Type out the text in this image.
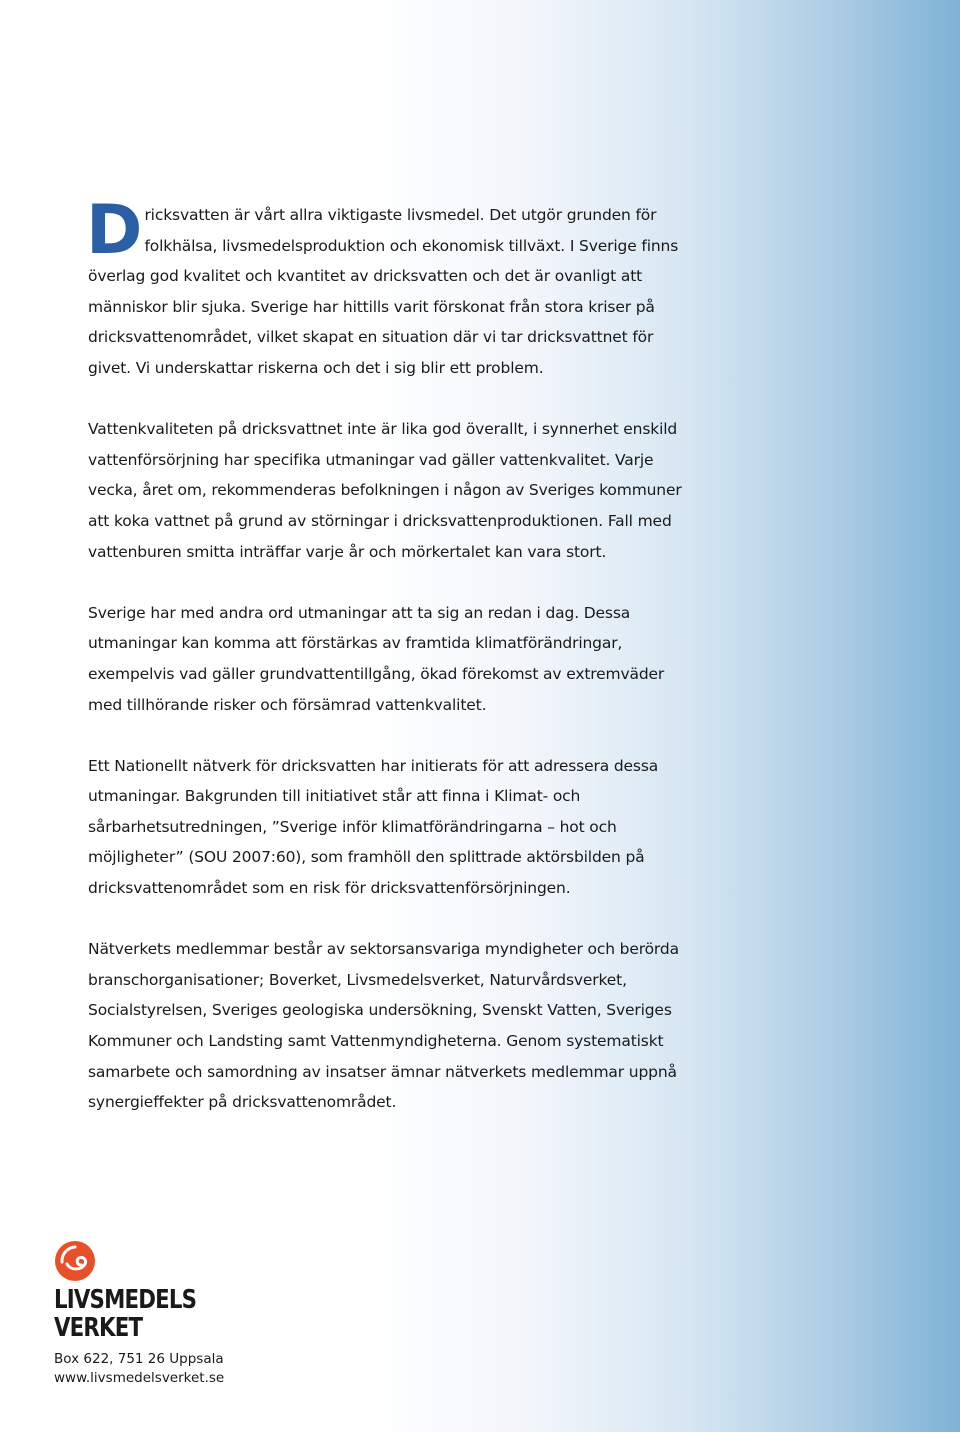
Dricksvatten är vårt allra viktigaste livsmedel. Det utgör grunden för folkhälsa, livsmedelsproduktion och ekonomisk tillväxt. I Sverige finns överlag god kvalitet och kvantitet av dricksvatten och det är ovanligt att människor blir sjuka. Sverige har hittills varit förskonat från stora kriser på dricksvattenområdet, vilket skapat en situation där vi tar dricksvattnet för givet. Vi underskattar riskerna och det i sig blir ett problem.

Vattenkvaliteten på dricksvattnet inte är lika god överallt, i synnerhet enskild vattenförsörjning har specifika utmaningar vad gäller vattenkvalitet. Varje vecka, året om, rekommenderas befolkningen i någon av Sveriges kommuner att koka vattnet på grund av störningar i dricksvattenproduktionen. Fall med vattenburen smitta inträffar varje år och mörkertalet kan vara stort.

Sverige har med andra ord utmaningar att ta sig an redan i dag. Dessa utmaningar kan komma att förstärkas av framtida klimatförändringar, exempelvis vad gäller grundvattentillgång, ökad förekomst av extremväder med tillhörande risker och försämrad vattenkvalitet.

Ett Nationellt nätverk för dricksvatten har initierats för att adressera dessa utmaningar. Bakgrunden till initiativet står att finna i Klimat- och sårbarhetsutredningen, ”Sverige inför klimatförändringarna – hot och möjligheter” (SOU 2007:60), som framhöll den splittrade aktörsbilden på dricksvattenområdet som en risk för dricksvattenförsörjningen.

Nätverkets medlemmar består av sektorsansvariga myndigheter och berörda branschorganisationer; Boverket, Livsmedelsverket, Naturvårdsverket, Socialstyrelsen, Sveriges geologiska undersökning, Svenskt Vatten, Sveriges Kommuner och Landsting samt Vattenmyndigheterna. Genom systematiskt samarbete och samordning av insatser ämnar nätverkets medlemmar uppnå synergieffekter på dricksvattenområdet.

LIVSMEDELS
VERKET
Box 622, 751 26 Uppsala
www.livsmedelsverket.se
